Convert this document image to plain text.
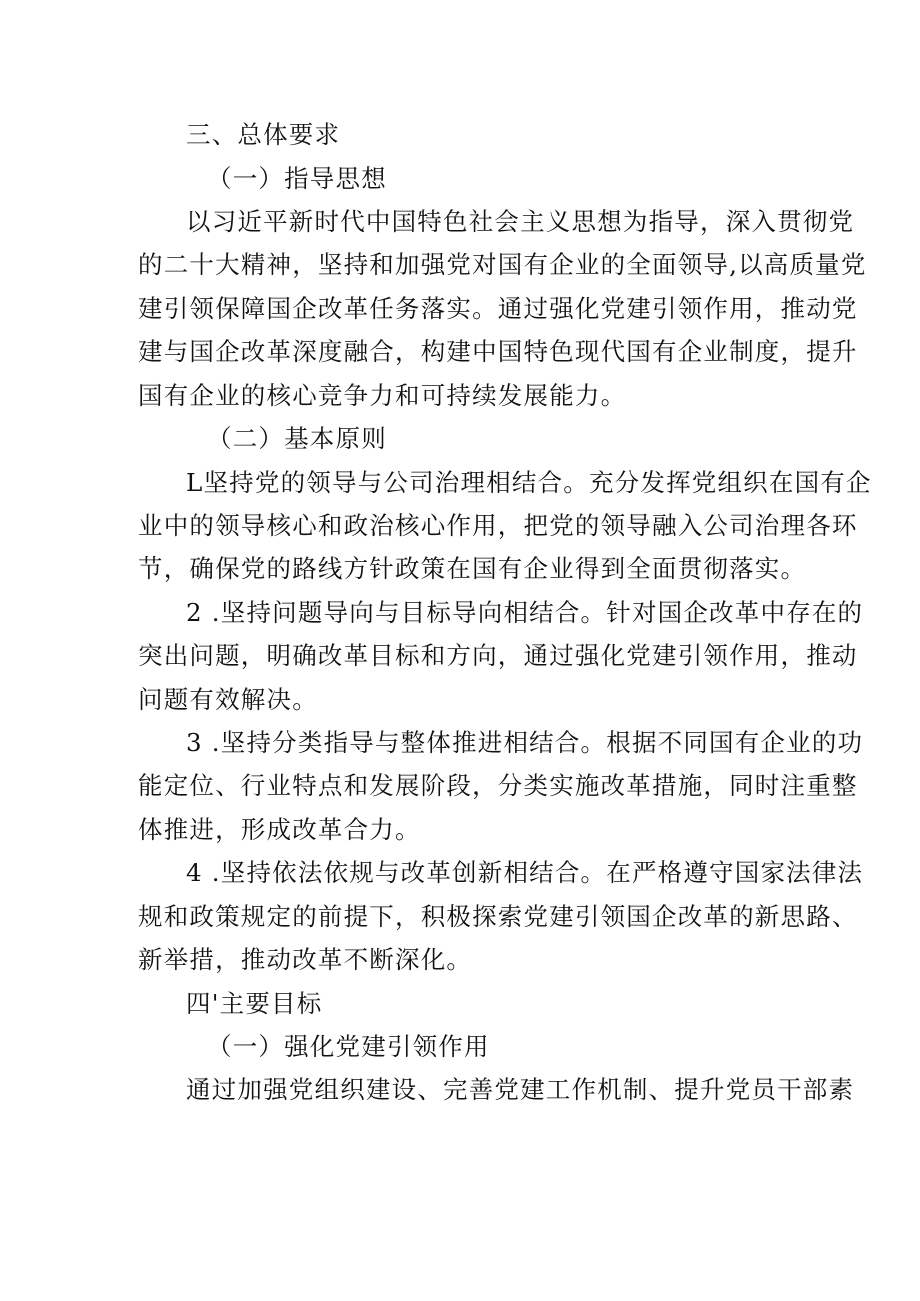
三、总体要求
（一）指导思想
以习近平新时代中国特色社会主义思想为指导，深入贯彻党
的二十大精神，坚持和加强党对国有企业的全面领导,以高质量党
建引领保障国企改革任务落实。通过强化党建引领作用，推动党
建与国企改革深度融合，构建中国特色现代国有企业制度，提升
国有企业的核心竞争力和可持续发展能力。
（二）基本原则
L坚持党的领导与公司治理相结合。充分发挥党组织在国有企
业中的领导核心和政治核心作用，把党的领导融入公司治理各环
节，确保党的路线方针政策在国有企业得到全面贯彻落实。
2 .坚持问题导向与目标导向相结合。针对国企改革中存在的
突出问题，明确改革目标和方向，通过强化党建引领作用，推动
问题有效解决。
3 .坚持分类指导与整体推进相结合。根据不同国有企业的功
能定位、行业特点和发展阶段，分类实施改革措施，同时注重整
体推进，形成改革合力。
4 .坚持依法依规与改革创新相结合。在严格遵守国家法律法
规和政策规定的前提下，积极探索党建引领国企改革的新思路、
新举措，推动改革不断深化。
四'主要目标
（一）强化党建引领作用
通过加强党组织建设、完善党建工作机制、提升党员干部素
